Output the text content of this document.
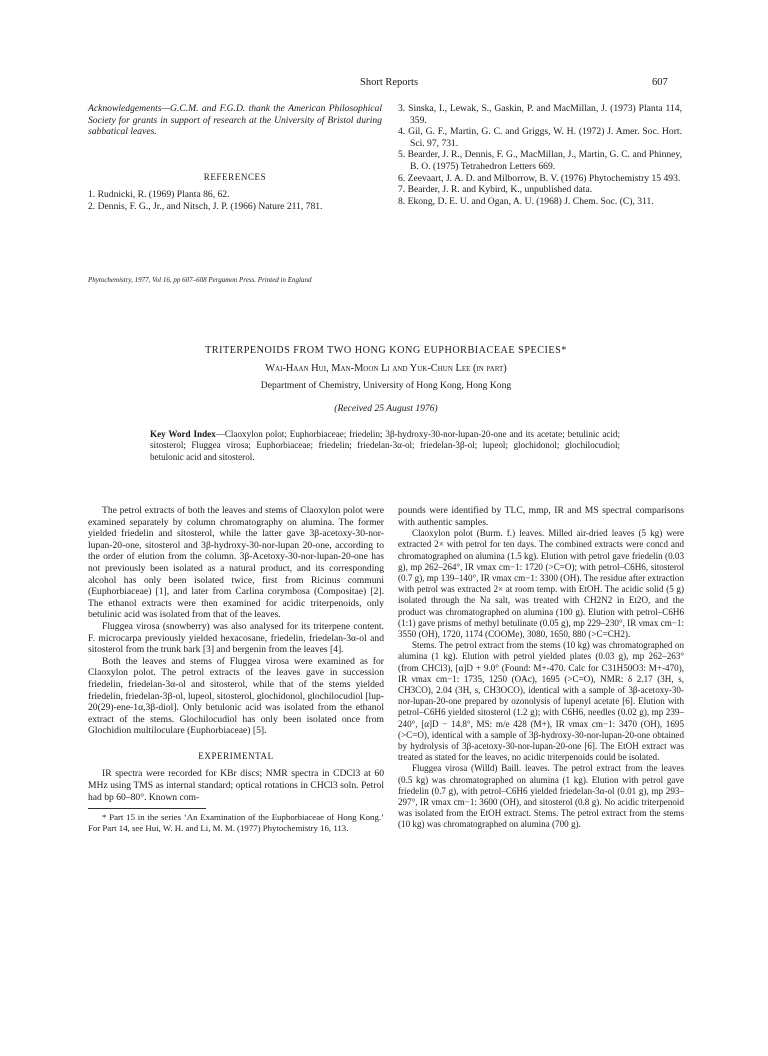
Short Reports	607

Acknowledgements—G.C.M. and F.G.D. thank the American Philosophical Society for grants in support of research at the University of Bristol during sabbatical leaves.

REFERENCES

1. Rudnicki, R. (1969) Planta 86, 62.

2. Dennis, F. G., Jr., and Nitsch, J. P. (1966) Nature 211, 781.

3. Sinska, I., Lewak, S., Gaskin, P. and MacMillan, J. (1973) Planta 114, 359.

4. Gil, G. F., Martin, G. C. and Griggs, W. H. (1972) J. Amer. Soc. Hort. Sci. 97, 731.

5. Bearder, J. R., Dennis, F. G., MacMillan, J., Martin, G. C. and Phinney, B. O. (1975) Tetrahedron Letters 669.

6. Zeevaart, J. A. D. and Milborrow, B. V. (1976) Phytochemistry 15 493.

7. Bearder, J. R. and Kybird, K., unpublished data.

8. Ekong, D. E. U. and Ogan, A. U. (1968) J. Chem. Soc. (C), 311.

Phytochemistry, 1977, Vol 16, pp 607–608 Pergamon Press. Printed in England
TRITERPENOIDS FROM TWO HONG KONG EUPHORBIACEAE SPECIES*
Wai-Haan Hui, Man-Moon Li and Yuk-Chun Lee (in part)
Department of Chemistry, University of Hong Kong, Hong Kong
(Received 25 August 1976)
Key Word Index—Claoxylon polot; Euphorbiaceae; friedelin; 3β-hydroxy-30-nor-lupan-20-one and its acetate; betulinic acid; sitosterol; Fluggea virosa; Euphorbiaceae; friedelin; friedelan-3α-ol; friedelan-3β-ol; lupeol; glochidonol; glochilocudiol; betulonic acid and sitosterol.

The petrol extracts of both the leaves and stems of Claoxylon polot were examined separately by column chromatography on alumina. The former yielded friedelin and sitosterol, while the latter gave 3β-acetoxy-30-nor-lupan-20-one, sitosterol and 3β-hydroxy-30-nor-lupan 20-one, according to the order of elution from the column. 3β-Acetoxy-30-nor-lupan-20-one has not previously been isolated as a natural product, and its corresponding alcohol has only been isolated twice, first from Ricinus communi (Euphorbiaceae) [1], and later from Carlina corymbosa (Compositae) [2]. The ethanol extracts were then examined for acidic triterpenoids, only betulinic acid was isolated from that of the leaves.

Fluggea virosa (snowberry) was also analysed for its triterpene content. F. microcarpa previously yielded hexacosane, friedelin, friedelan-3α-ol and sitosterol from the trunk bark [3] and bergenin from the leaves [4].

Both the leaves and stems of Fluggea virosa were examined as for Claoxylon polot. The petrol extracts of the leaves gave in succession friedelin, friedelan-3α-ol and sitosterol, while that of the stems yielded friedelin, friedelan-3β-ol, lupeol, sitosterol, glochidonol, glochilocudiol [lup-20(29)-ene-1α,3β-diol]. Only betulonic acid was isolated from the ethanol extract of the stems. Glochilocudiol has only been isolated once from Glochidion multiloculare (Euphorbiaceae) [5].

EXPERIMENTAL

IR spectra were recorded for KBr discs; NMR spectra in CDCl3 at 60 MHz using TMS as internal standard; optical rotations in CHCl3 soln. Petrol had bp 60–80°. Known com-

* Part 15 in the series ‘An Examination of the Euphorbiaceae of Hong Kong.’ For Part 14, see Hui, W. H. and Li, M. M. (1977) Phytochemistry 16, 113.

pounds were identified by TLC, mmp, IR and MS spectral comparisons with authentic samples.

Claoxylon polot (Burm. f.) leaves. Milled air-dried leaves (5 kg) were extracted 2× with petrol for ten days. The combined extracts were concd and chromatographed on alumina (1.5 kg). Elution with petrol gave friedelin (0.03 g), mp 262–264°, IR νmax cm−1: 1720 (>C=O); with petrol–C6H6, sitosterol (0.7 g), mp 139–140°, IR νmax cm−1: 3300 (OH). The residue after extraction with petrol was extracted 2× at room temp. with EtOH. The acidic solid (5 g) isolated through the Na salt, was treated with CH2N2 in Et2O, and the product was chromatographed on alumina (100 g). Elution with petrol–C6H6 (1:1) gave prisms of methyl betulinate (0.05 g), mp 229–230°, IR νmax cm−1: 3550 (OH), 1720, 1174 (COOMe), 3080, 1650, 880 (>C=CH2).

Stems. The petrol extract from the stems (10 kg) was chromatographed on alumina (1 kg). Elution with petrol yielded plates (0.03 g), mp 262–263° (from CHCl3), [α]D + 9.0° (Found: M+-470. Calc for C31H50O3: M+-470), IR νmax cm−1: 1735, 1250 (OAc), 1695 (>C=O), NMR: δ 2.17 (3H, s, CH3CO), 2.04 (3H, s, CH3OCO), identical with a sample of 3β-acetoxy-30-nor-lupan-20-one prepared by ozonolysis of lupenyl acetate [6]. Elution with petrol–C6H6 yielded sitosterol (1.2 g); with C6H6, needles (0.02 g), mp 239–240°, [α]D − 14.8°, MS: m/e 428 (M+), IR νmax cm−1: 3470 (OH), 1695 (>C=O), identical with a sample of 3β-hydroxy-30-nor-lupan-20-one obtained by hydrolysis of 3β-acetoxy-30-nor-lupan-20-one [6]. The EtOH extract was treated as stated for the leaves, no acidic triterpenoids could be isolated.

Fluggea virosa (Willd) Baill. leaves. The petrol extract from the leaves (0.5 kg) was chromatographed on alumina (1 kg). Elution with petrol gave friedelin (0.7 g), with petrol–C6H6 yielded friedelan-3α-ol (0.01 g), mp 293–297°, IR νmax cm−1: 3600 (OH), and sitosterol (0.8 g). No acidic triterpenoid was isolated from the EtOH extract. Stems. The petrol extract from the stems (10 kg) was chromatographed on alumina (700 g).
